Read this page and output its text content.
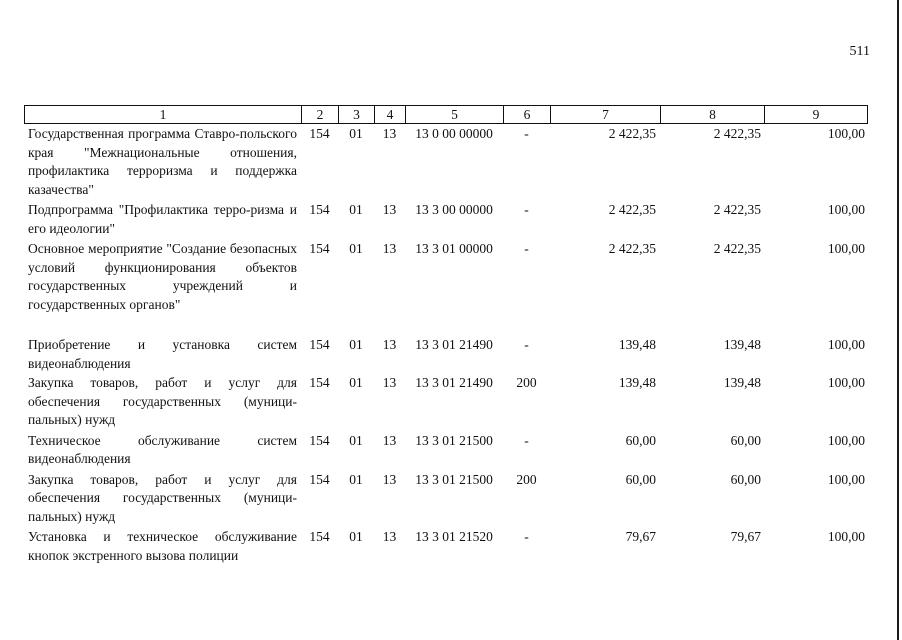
511
1	2	3	4	5	6	7	8	9
Государственная программа Ставро-польского края "Межнациональные отношения, профилактика терроризма и поддержка казачества"	154	01	13	13 0 00 00000	-	2 422,35	2 422,35	100,00
Подпрограмма "Профилактика терро-ризма и его идеологии"	154	01	13	13 3 00 00000	-	2 422,35	2 422,35	100,00
Основное мероприятие "Создание безопасных условий функционирования объектов государственных учреждений и государственных органов"	154	01	13	13 3 01 00000	-	2 422,35	2 422,35	100,00
Приобретение и установка систем видеонаблюдения	154	01	13	13 3 01 21490	-	139,48	139,48	100,00
Закупка товаров, работ и услуг для обеспечения государственных (муници-пальных) нужд	154	01	13	13 3 01 21490	200	139,48	139,48	100,00
Техническое обслуживание систем видеонаблюдения	154	01	13	13 3 01 21500	-	60,00	60,00	100,00
Закупка товаров, работ и услуг для обеспечения государственных (муници-пальных) нужд	154	01	13	13 3 01 21500	200	60,00	60,00	100,00
Установка и техническое обслуживание кнопок экстренного вызова полиции	154	01	13	13 3 01 21520	-	79,67	79,67	100,00
